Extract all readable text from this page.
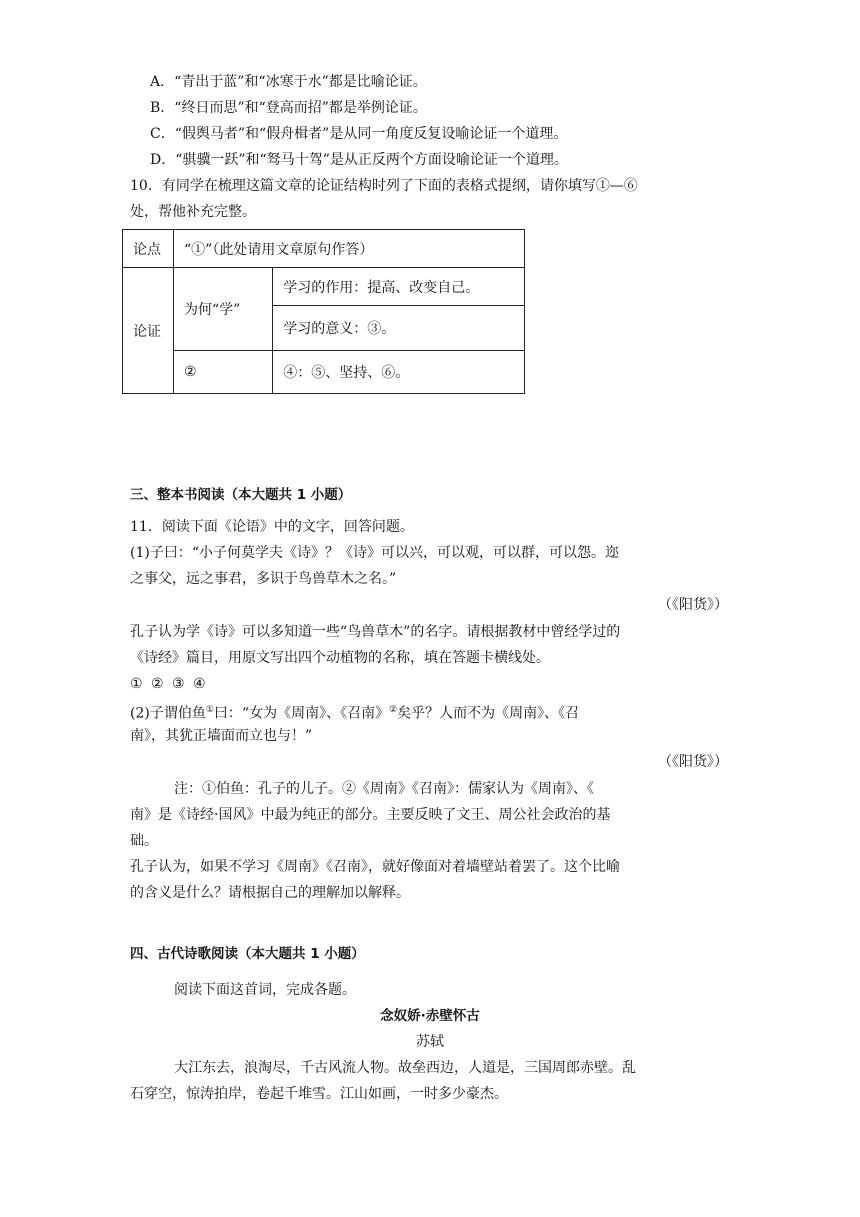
A．“青出于蓝”和“冰寒于水”都是比喻论证。
B．“终日而思”和“登高而招”都是举例论证。
C．“假舆马者”和“假舟楫者”是从同一角度反复设喻论证一个道理。
D．“骐骥一跃”和“驽马十驾”是从正反两个方面设喻论证一个道理。
10．有同学在梳理这篇文章的论证结构时列了下面的表格式提纲，请你填写①—⑥
处，帮他补充完整。
论点	“①”（此处请用文章原句作答）	
论证	为何“学”	学习的作用：提高、改变自己。
		学习的意义：③。
	②	④：⑤、坚持、⑥。
三、整本书阅读（本大题共 1 小题）
11．阅读下面《论语》中的文字，回答问题。
(1)子曰：“小子何莫学夫《诗》？《诗》可以兴，可以观，可以群，可以怨。迩
之事父，远之事君，多识于鸟兽草木之名。”
（《阳货》）
孔子认为学《诗》可以多知道一些“鸟兽草木”的名字。请根据教材中曾经学过的
《诗经》篇目，用原文写出四个动植物的名称，填在答题卡横线处。
① ② ③ ④
(2)子谓伯鱼①曰：“女为《周南》、《召南》②矣乎？人而不为《周南》、《召
南》，其犹正墙面而立也与！”
（《阳货》）
注：①伯鱼：孔子的儿子。②《周南》《召南》：儒家认为《周南》、《
南》是《诗经·国风》中最为纯正的部分。主要反映了文王、周公社会政治的基
础。
孔子认为，如果不学习《周南》《召南》，就好像面对着墙壁站着罢了。这个比喻
的含义是什么？请根据自己的理解加以解释。
四、古代诗歌阅读（本大题共 1 小题）
阅读下面这首词，完成各题。
念奴娇·赤壁怀古
苏轼
大江东去，浪淘尽，千古风流人物。故垒西边，人道是，三国周郎赤壁。乱
石穿空，惊涛拍岸，卷起千堆雪。江山如画，一时多少豪杰。
